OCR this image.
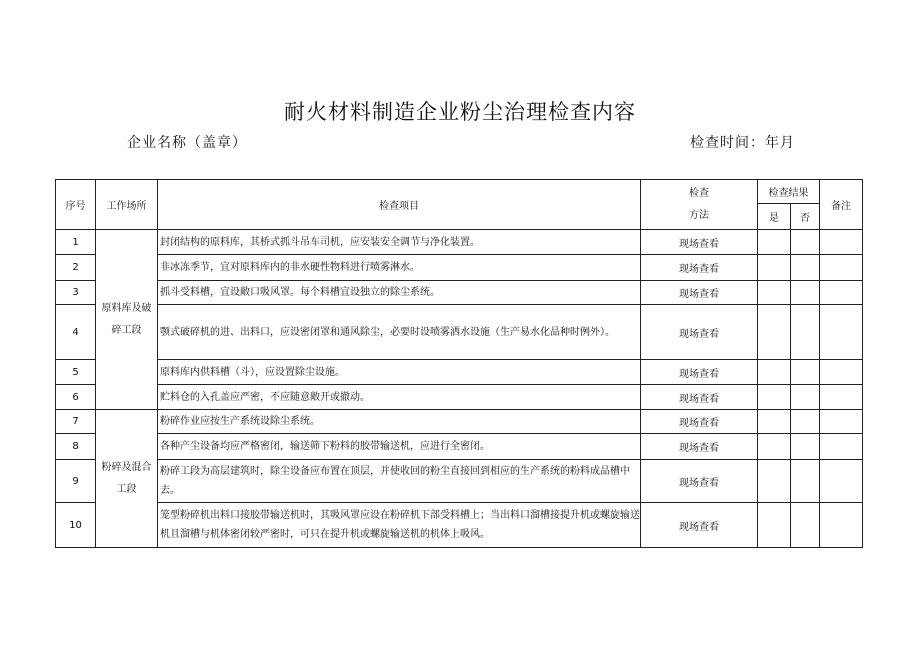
耐火材料制造企业粉尘治理检查内容
企业名称（盖章）	检查时间：年月
序号	工作场所	检查项目	检查
方法	检查结果		备注
				是	否	
1	原料库及破碎工段	封闭结构的原料库，其桥式抓斗吊车司机，应安装安全调节与净化装置。	现场查看			
2		非冰冻季节，宜对原料库内的非水硬性物料进行喷雾淋水。	现场查看			
3		抓斗受料槽，宜设敞口吸风罩。每个料槽宜设独立的除尘系统。	现场查看			
4		颚式破碎机的进、出料口，应设密闭罩和通风除尘，必要时设喷雾洒水设施（生产易水化品种时例外）。	现场查看			
5		原料库内供料槽（斗），应设置除尘设施。	现场查看			
6		贮料仓的入孔盖应严密，不应随意敞开或撤动。	现场查看			
7	粉碎及混合工段	粉碎作业应按生产系统设除尘系统。	现场查看			
8		各种产尘设备均应严格密闭，输送筛下粉料的胶带输送机，应进行全密闭。	现场查看			
9		粉碎工段为高层建筑时，除尘设备应布置在顶层，并使收回的粉尘直接回到相应的生产系统的粉料成品槽中去。	现场查看			
10		笼型粉碎机出料口接胶带输送机时，其吸风罩应设在粉碎机下部受料槽上；当出料口溜槽接提升机或螺旋输送机且溜槽与机体密闭较严密时，可只在提升机或螺旋输送机的机体上吸风。	现场查看			
